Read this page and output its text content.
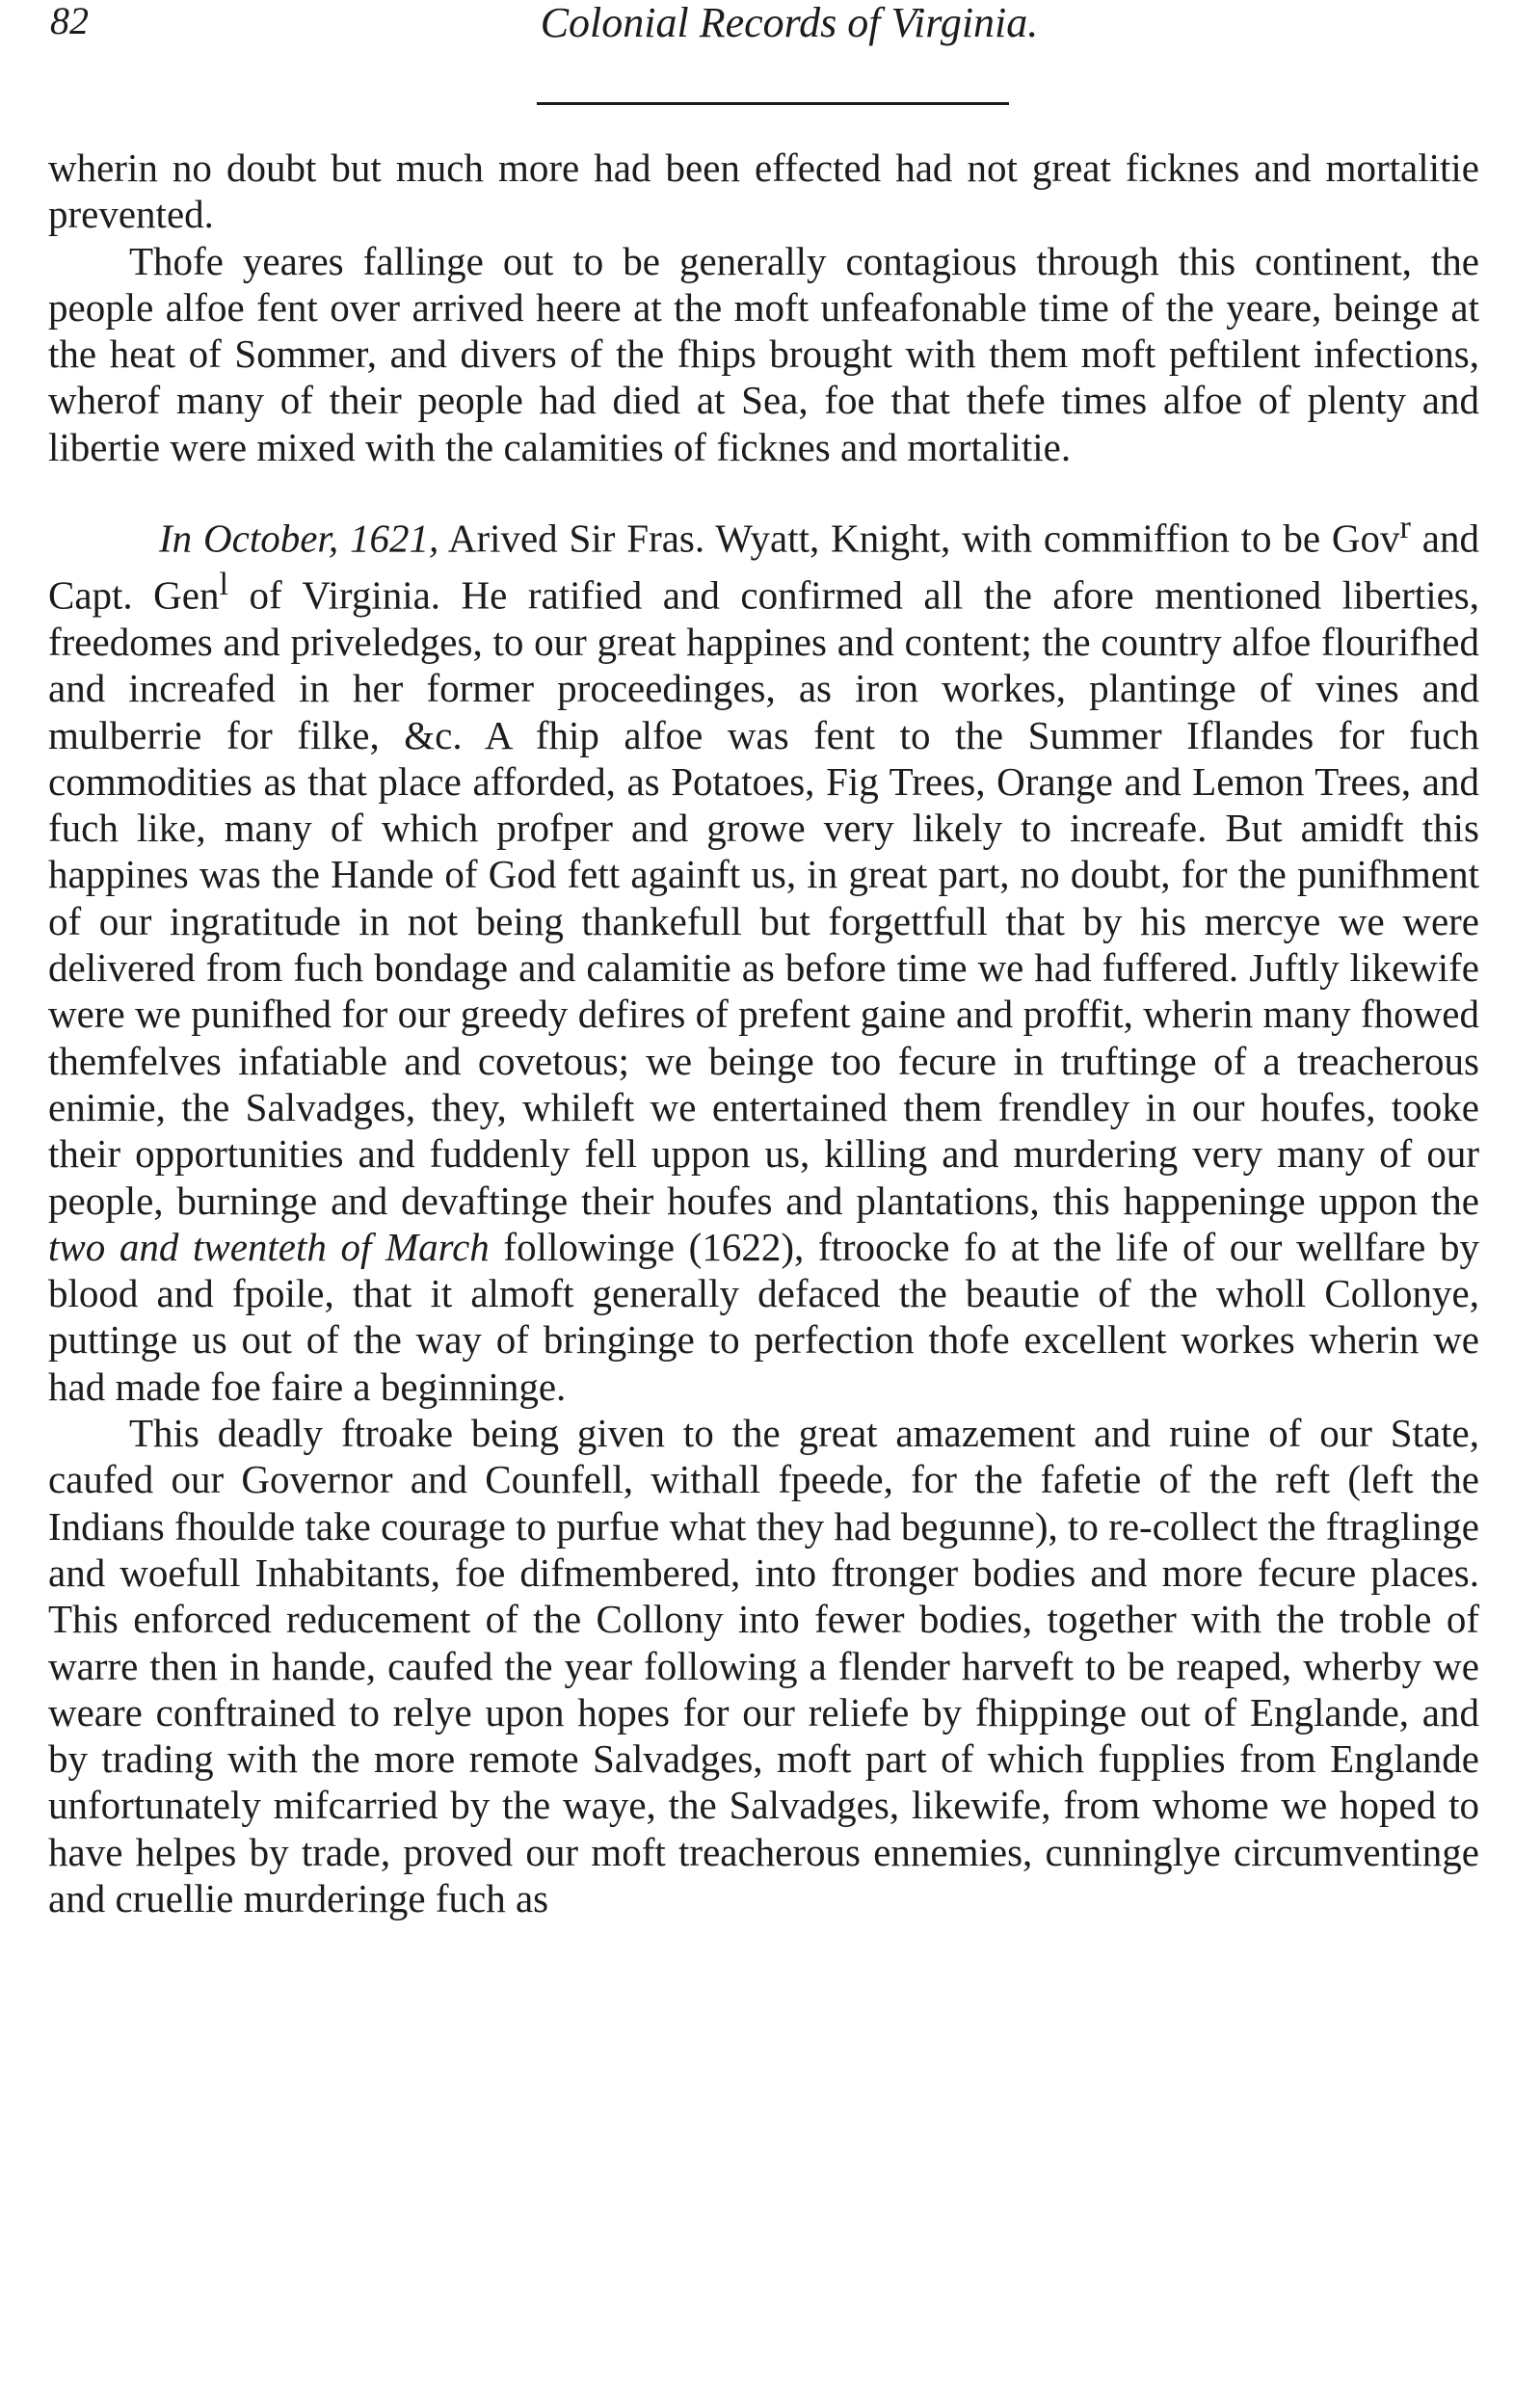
82	Colonial Records of Virginia.

wherin no doubt but much more had been effected had not great ficknes and mortalitie prevented.

Thofe yeares fallinge out to be generally contagious through this continent, the people alfoe fent over arrived heere at the moft unfeafonable time of the yeare, beinge at the heat of Sommer, and divers of the fhips brought with them moft peftilent infections, wherof many of their people had died at Sea, foe that thefe times alfoe of plenty and libertie were mixed with the calamities of ficknes and mortalitie.

In October, 1621, Arived Sir Fras. Wyatt, Knight, with commiffion to be Gov$^r$ and Capt. Gen$^l$ of Virginia. He ratified and confirmed all the afore mentioned liberties, freedomes and priveledges, to our great happines and content; the country alfoe flourifhed and increafed in her former proceedinges, as iron workes, plantinge of vines and mulberrie for filke, &c. A fhip alfoe was fent to the Summer Iflandes for fuch commodities as that place afforded, as Potatoes, Fig Trees, Orange and Lemon Trees, and fuch like, many of which profper and growe very likely to increafe. But amidft this happines was the Hande of God fett againft us, in great part, no doubt, for the punifhment of our ingratitude in not being thankefull but forgettfull that by his mercye we were delivered from fuch bondage and calamitie as before time we had fuffered. Juftly likewife were we punifhed for our greedy defires of prefent gaine and proffit, wherin many fhowed themfelves infatiable and covetous; we beinge too fecure in truftinge of a treacherous enimie, the Salvadges, they, whileft we entertained them frendley in our houfes, tooke their opportunities and fuddenly fell uppon us, killing and murdering very many of our people, burninge and devaftinge their houfes and plantations, this happeninge uppon the two and twenteth of March followinge (1622), ftroocke fo at the life of our wellfare by blood and fpoile, that it almoft generally defaced the beautie of the wholl Collonye, puttinge us out of the way of bringinge to perfection thofe excellent workes wherin we had made foe faire a beginninge.

This deadly ftroake being given to the great amazement and ruine of our State, caufed our Governor and Counfell, withall fpeede, for the fafetie of the reft (left the Indians fhoulde take courage to purfue what they had begunne), to re-collect the ftraglinge and woefull Inhabitants, foe difmembered, into ftronger bodies and more fecure places. This enforced reducement of the Collony into fewer bodies, together with the troble of warre then in hande, caufed the year following a flender harveft to be reaped, wherby we weare conftrained to relye upon hopes for our reliefe by fhippinge out of Englande, and by trading with the more remote Salvadges, moft part of which fupplies from Englande unfortunately mifcarried by the waye, the Salvadges, likewife, from whome we hoped to have helpes by trade, proved our moft treacherous ennemies, cunninglye circumventinge and cruellie murderinge fuch as
